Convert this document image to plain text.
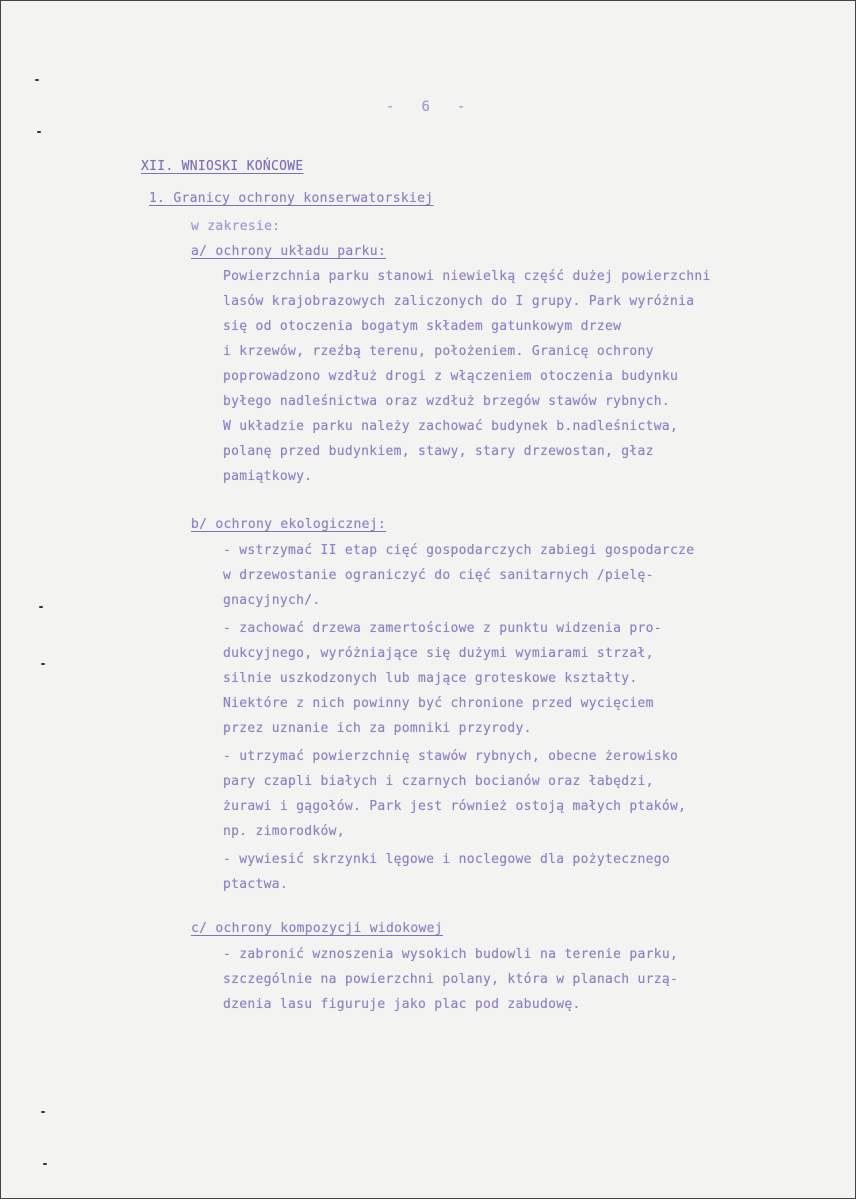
- 6 -
XII. WNIOSKI KOŃCOWE
1. Granicy ochrony konserwatorskiej
w zakresie:
a/ ochrony układu parku:
Powierzchnia parku stanowi niewielką część dużej powierzchni
lasów krajobrazowych zaliczonych do I grupy. Park wyróżnia
się od otoczenia bogatym składem gatunkowym drzew
i krzewów, rzeźbą terenu, położeniem. Granicę ochrony
poprowadzono wzdłuż drogi z włączeniem otoczenia budynku
byłego nadleśnictwa oraz wzdłuż brzegów stawów rybnych.
W układzie parku należy zachować budynek b.nadleśnictwa,
polanę przed budynkiem, stawy, stary drzewostan, głaz
pamiątkowy.
b/ ochrony ekologicznej:
- wstrzymać II etap cięć gospodarczych zabiegi gospodarcze
w drzewostanie ograniczyć do cięć sanitarnych /pielę-
gnacyjnych/.
- zachować drzewa zamertościowe z punktu widzenia pro-
dukcyjnego, wyróżniające się dużymi wymiarami strzał,
silnie uszkodzonych lub mające groteskowe kształty.
Niektóre z nich powinny być chronione przed wycięciem
przez uznanie ich za pomniki przyrody.
- utrzymać powierzchnię stawów rybnych, obecne żerowisko
pary czapli białych i czarnych bocianów oraz łabędzi,
żurawi i gągołów. Park jest również ostoją małych ptaków,
np. zimorodków,
- wywiesić skrzynki lęgowe i noclegowe dla pożytecznego
ptactwa.
c/ ochrony kompozycji widokowej
- zabronić wznoszenia wysokich budowli na terenie parku,
szczególnie na powierzchni polany, która w planach urzą-
dzenia lasu figuruje jako plac pod zabudowę.
